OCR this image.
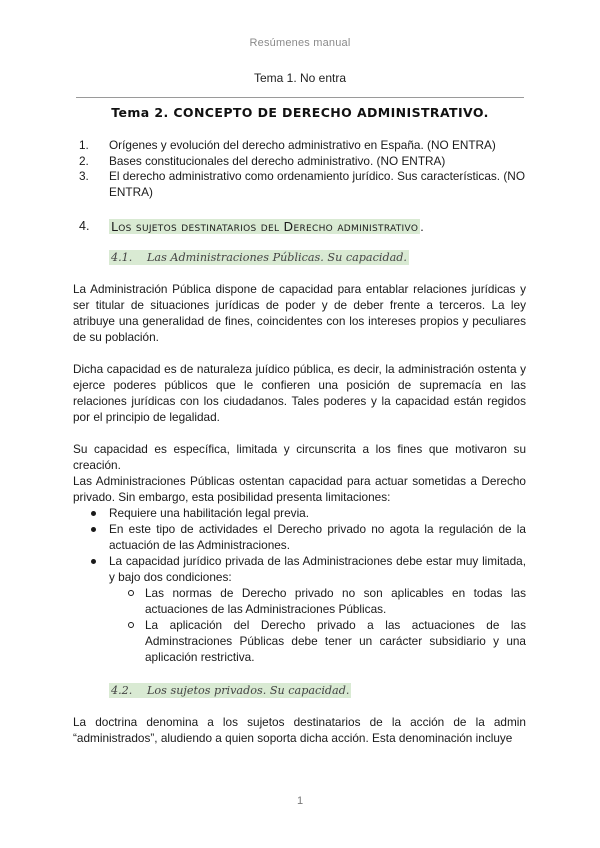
Resúmenes manual
Tema 1. No entra
Tema 2. CONCEPTO DE DERECHO ADMINISTRATIVO.
1.	Orígenes y evolución del derecho administrativo en España. (NO ENTRA)
2.	Bases constitucionales del derecho administrativo. (NO ENTRA)
3.	El derecho administrativo como ordenamiento jurídico. Sus características. (NO ENTRA)
4.	Los sujetos destinatarios del Derecho administrativo .
4.1.	Las Administraciones Públicas. Su capacidad.

La Administración Pública dispone de capacidad para entablar relaciones jurídicas y ser titular de situaciones jurídicas de poder y de deber frente a terceros. La ley atribuye una generalidad de fines, coincidentes con los intereses propios y peculiares de su población.

Dicha capacidad es de naturaleza juídico pública, es decir, la administración ostenta y ejerce poderes públicos que le confieren una posición de supremacía en las relaciones jurídicas con los ciudadanos. Tales poderes y la capacidad están regidos por el principio de legalidad.

Su capacidad es específica, limitada y circunscrita a los fines que motivaron su creación.

Las Administraciones Públicas ostentan capacidad para actuar sometidas a Derecho privado. Sin embargo, esta posibilidad presenta limitaciones:

Requiere una habilitación legal previa.

En este tipo de actividades el Derecho privado no agota la regulación de la actuación de las Administraciones.

La capacidad jurídico privada de las Administraciones debe estar muy limitada, y bajo dos condiciones:

Las normas de Derecho privado no son aplicables en todas las actuaciones de las Administraciones Públicas.

La aplicación del Derecho privado a las actuaciones de las Adminstraciones Públicas debe tener un carácter subsidiario y una aplicación restrictiva.

4.2.	Los sujetos privados. Su capacidad.

La doctrina denomina a los sujetos destinatarios de la acción de la admin “administrados”, aludiendo a quien soporta dicha acción. Esta denominación incluye

1
